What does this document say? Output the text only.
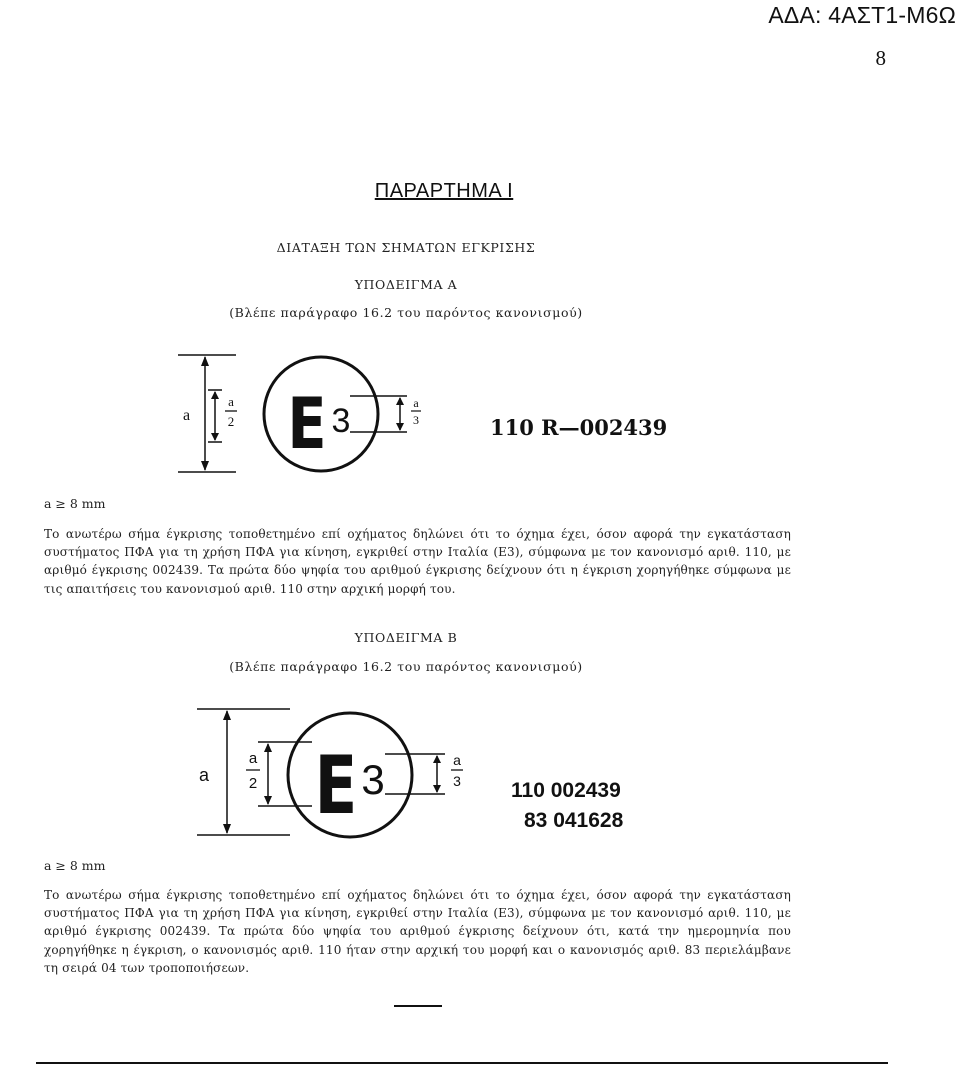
ΑΔΑ: 4ΑΣΤ1-Μ6Ω
8
ΠΑΡΑΡΤΗΜΑ Ι
ΔΙΑΤΑΞΗ ΤΩΝ ΣΗΜΑΤΩΝ ΕΓΚΡΙΣΗΣ
ΥΠΟΔΕΙΓΜΑ Α
(Βλέπε παράγραφο 16.2 του παρόντος κανονισμού)
a
a
2 E 3	a
3	110 R—002439
a ≥ 8 mm
Το ανωτέρω σήμα έγκρισης τοποθετημένο επί οχήματος δηλώνει ότι το όχημα έχει, όσον αφορά την εγκατάσταση συστήματος ΠΦΑ για τη χρήση ΠΦΑ για κίνηση, εγκριθεί στην Ιταλία (Ε3), σύμφωνα με τον κανονισμό αριθ. 110, με αριθμό έγκρισης 002439. Τα πρώτα δύο ψηφία του αριθμού έγκρισης δείχνουν ότι η έγκριση χορηγήθηκε σύμφωνα με τις απαιτήσεις του κανονισμού αριθ. 110 στην αρχική μορφή του.
ΥΠΟΔΕΙΓΜΑ Β
(Βλέπε παράγραφο 16.2 του παρόντος κανονισμού)
a
a
2 E 3	a
3 110 002439
83 041628
a ≥ 8 mm
Το ανωτέρω σήμα έγκρισης τοποθετημένο επί οχήματος δηλώνει ότι το όχημα έχει, όσον αφορά την εγκατάσταση συστήματος ΠΦΑ για τη χρήση ΠΦΑ για κίνηση, εγκριθεί στην Ιταλία (Ε3), σύμφωνα με τον κανονισμό αριθ. 110, με αριθμό έγκρισης 002439. Τα πρώτα δύο ψηφία του αριθμού έγκρισης δείχνουν ότι, κατά την ημερομηνία που χορηγήθηκε η έγκριση, ο κανονισμός αριθ. 110 ήταν στην αρχική του μορφή και ο κανονισμός αριθ. 83 περιελάμβανε τη σειρά 04 των τροποποιήσεων.
